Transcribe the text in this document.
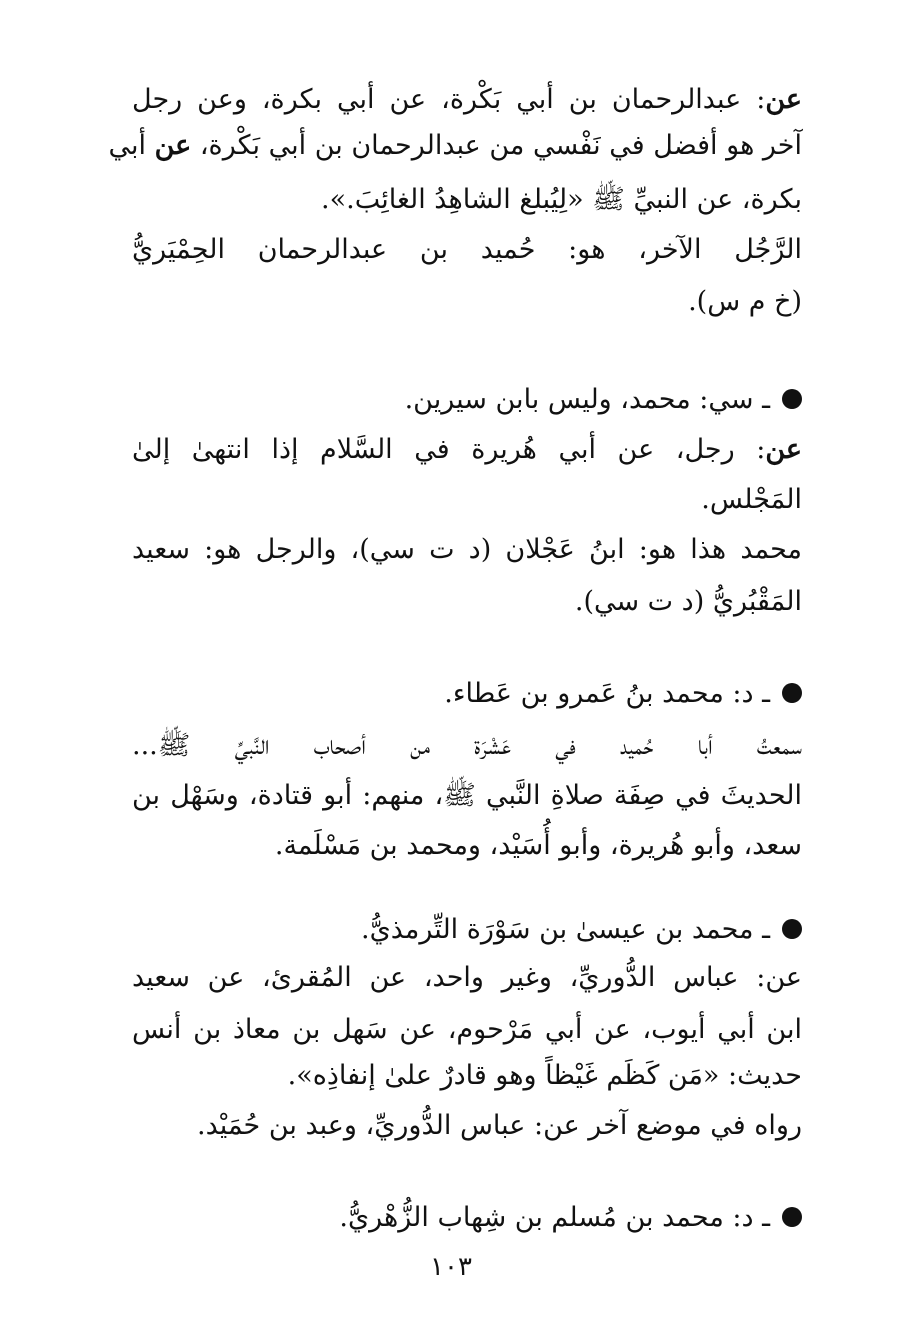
عن: عبدالرحمان بن أبي بَكْرة، عن أبي بكرة، وعن رجل
آخر هو أفضل في نَفْسي من عبدالرحمان بن أبي بَكْرة، عن أبي
بكرة، عن النبيِّ ﷺ «لِيُبلغ الشاهِدُ الغائِبَ.».
الرَّجُل الآخر، هو: حُميد بن عبدالرحمان الحِمْيَريُّ
(خ م س).
ـ سي: محمد، وليس بابن سيرين.
عن: رجل، عن أبي هُريرة في السَّلام إذا انتهىٰ إلىٰ
المَجْلس.
محمد هذا هو: ابنُ عَجْلان (د ت سي)، والرجل هو: سعيد
المَقْبُريُّ (د ت سي).
ـ د: محمد بنُ عَمرو بن عَطاء.
سمعتُ أبا حُميد في عَشْرَة من أصحاب النَّبيِّ ﷺ...
الحديثَ في صِفَة صلاةِ النَّبي ﷺ، منهم: أبو قتادة، وسَهْل بن
سعد، وأبو هُريرة، وأبو أُسَيْد، ومحمد بن مَسْلَمة.
ـ محمد بن عيسىٰ بن سَوْرَة التِّرمذيُّ.
عن: عباس الدُّوريِّ، وغير واحد، عن المُقرئ، عن سعيد
ابن أبي أيوب، عن أبي مَرْحوم، عن سَهل بن معاذ بن أنس
حديث: «مَن كَظَم غَيْظاً وهو قادرٌ علىٰ إنفاذِه».
رواه في موضع آخر عن: عباس الدُّوريِّ، وعبد بن حُمَيْد.
ـ د: محمد بن مُسلم بن شِهاب الزُّهْريُّ.
١٠٣
